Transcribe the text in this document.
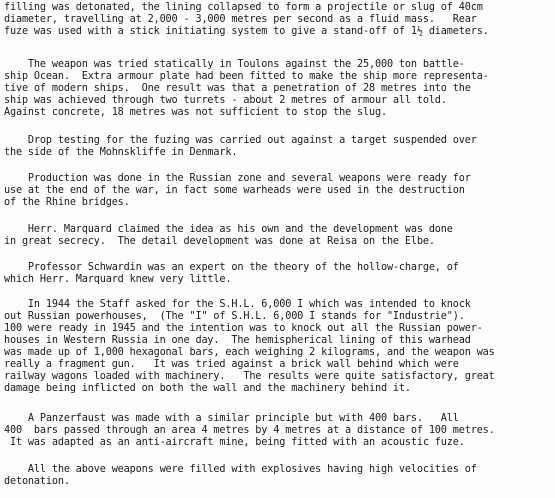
filling was detonated, the lining collapsed to form a projectile or slug of 40cm
diameter, travelling at 2,000 - 3,000 metres per second as a fluid mass.   Rear
fuze was used with a stick initiating system to give a stand-off of 1½ diameters.
The weapon was tried statically in Toulons against the 25,000 ton battle-
ship Ocean.  Extra armour plate had been fitted to make the ship more representa-
tive of modern ships.  One result was that a penetration of 28 metres into the
ship was achieved through two turrets - about 2 metres of armour all told.
Against concrete, 18 metres was not sufficient to stop the slug.
Drop testing for the fuzing was carried out against a target suspended over
the side of the Mohnskliffe in Denmark.
Production was done in the Russian zone and several weapons were ready for
use at the end of the war, in fact some warheads were used in the destruction
of the Rhine bridges.
Herr. Marquard claimed the idea as his own and the development was done
in great secrecy.  The detail development was done at Reisa on the Elbe.
Professor Schwardin was an expert on the theory of the hollow-charge, of
which Herr. Marquard knew very little.
In 1944 the Staff asked for the S.H.L. 6,000 I which was intended to knock
out Russian powerhouses,  (The "I" of S.H.L. 6,000 I stands for "Industrie").
100 were ready in 1945 and the intention was to knock out all the Russian power-
houses in Western Russia in one day.  The hemispherical lining of this warhead
was made up of 1,000 hexagonal bars, each weighing 2 kilograms, and the weapon was
really a fragment gun.   It was tried against a brick wall behind which were
railway wagons loaded with machinery.   The results were quite satisfactory, great
damage being inflicted on both the wall and the machinery behind it.
A Panzerfaust was made with a similar principle but with 400 bars.   All
400  bars passed through an area 4 metres by 4 metres at a distance of 100 metres.
It was adapted as an anti-aircraft mine, being fitted with an acoustic fuze.
All the above weapons were filled with explosives having high velocities of
detonation.
